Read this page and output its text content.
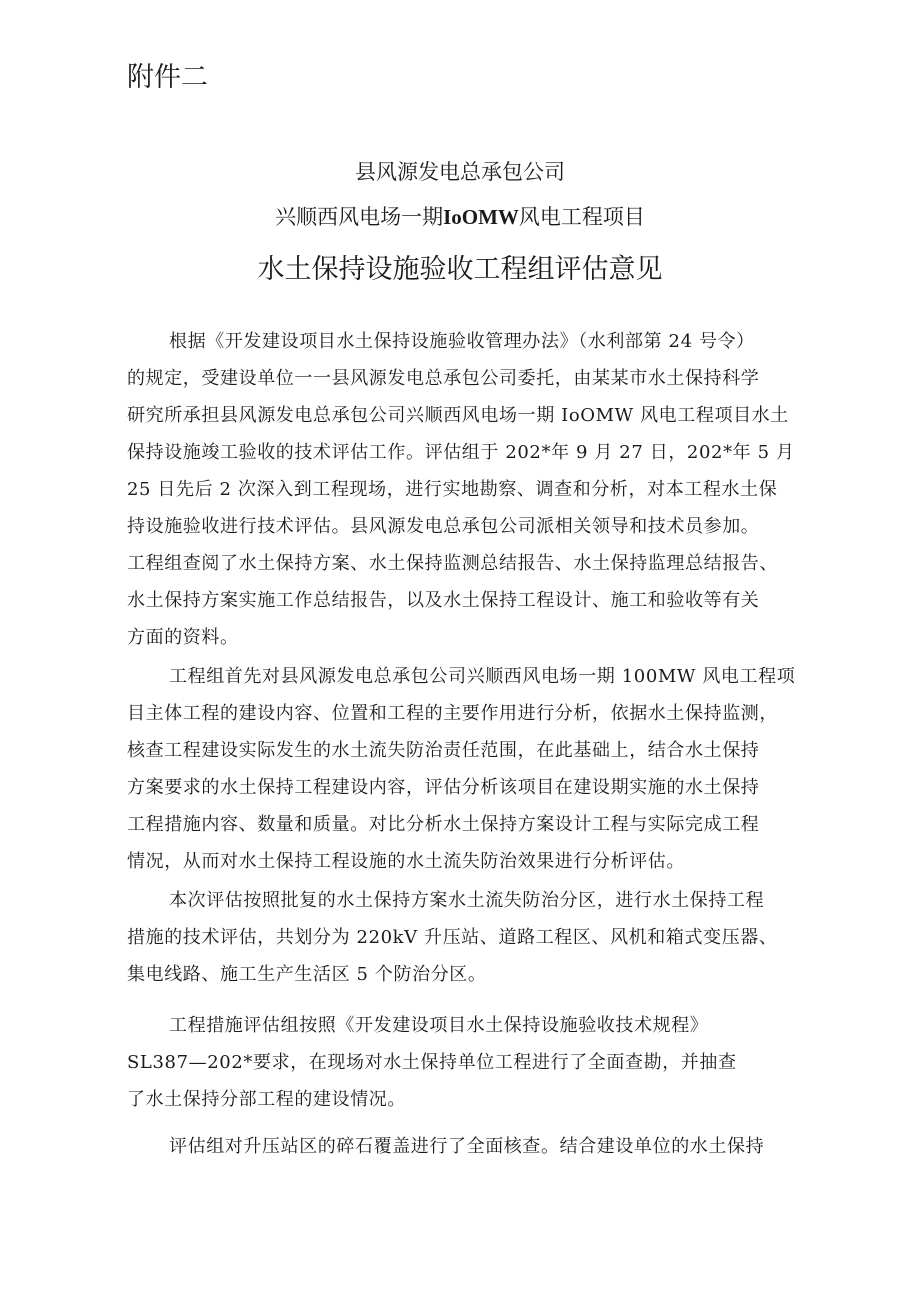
附件二
县风源发电总承包公司
兴顺西风电场一期IoOMW风电工程项目
水土保持设施验收工程组评估意见
根据《开发建设项目水土保持设施验收管理办法》（水利部第 24 号令）
的规定，受建设单位一一县风源发电总承包公司委托，由某某市水土保持科学
研究所承担县风源发电总承包公司兴顺西风电场一期 IoOMW 风电工程项目水土
保持设施竣工验收的技术评估工作。评估组于 202*年 9 月 27 日，202*年 5 月
25 日先后 2 次深入到工程现场，进行实地勘察、调查和分析，对本工程水土保
持设施验收进行技术评估。县风源发电总承包公司派相关领导和技术员参加。
工程组查阅了水土保持方案、水土保持监测总结报告、水土保持监理总结报告、
水土保持方案实施工作总结报告，以及水土保持工程设计、施工和验收等有关
方面的资料。
工程组首先对县风源发电总承包公司兴顺西风电场一期 100MW 风电工程项
目主体工程的建设内容、位置和工程的主要作用进行分析，依据水土保持监测，
核查工程建设实际发生的水土流失防治责任范围，在此基础上，结合水土保持
方案要求的水土保持工程建设内容，评估分析该项目在建设期实施的水土保持
工程措施内容、数量和质量。对比分析水土保持方案设计工程与实际完成工程
情况，从而对水土保持工程设施的水土流失防治效果进行分析评估。
本次评估按照批复的水土保持方案水土流失防治分区，进行水土保持工程
措施的技术评估，共划分为 220kV 升压站、道路工程区、风机和箱式变压器、
集电线路、施工生产生活区 5 个防治分区。
工程措施评估组按照《开发建设项目水土保持设施验收技术规程》
SL387—202*要求，在现场对水土保持单位工程进行了全面查勘，并抽查
了水土保持分部工程的建设情况。
评估组对升压站区的碎石覆盖进行了全面核查。结合建设单位的水土保持
